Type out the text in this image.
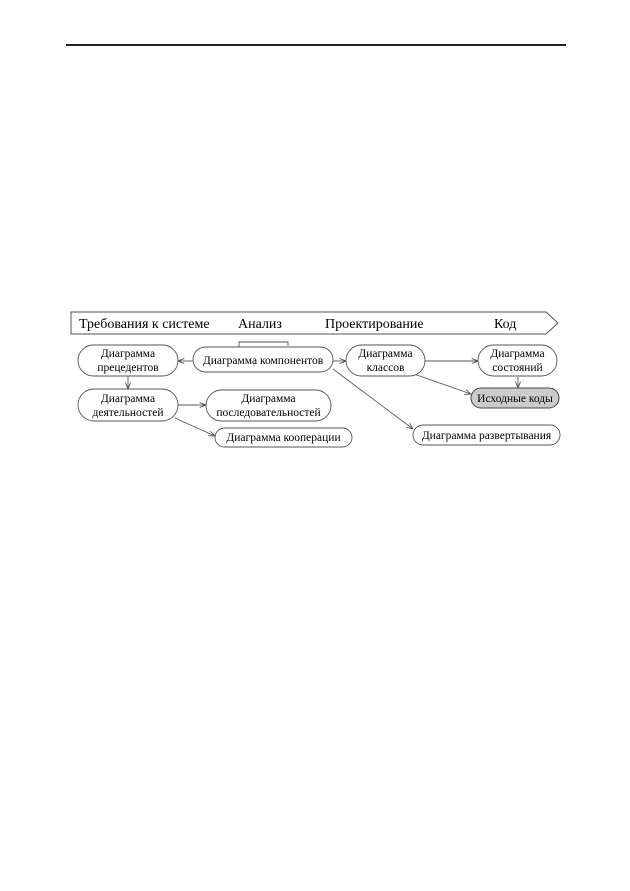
Требования к системе Анализ	Проектирование	Код
Диаграмма
прецедентов
Диаграмма
деятельностей
Диаграмма
последовательностей
Диаграмма кооперации
Диаграмма компонентов
Диаграмма
классов
Диаграмма
состояний
Исходные коды
Диаграмма развертывания
